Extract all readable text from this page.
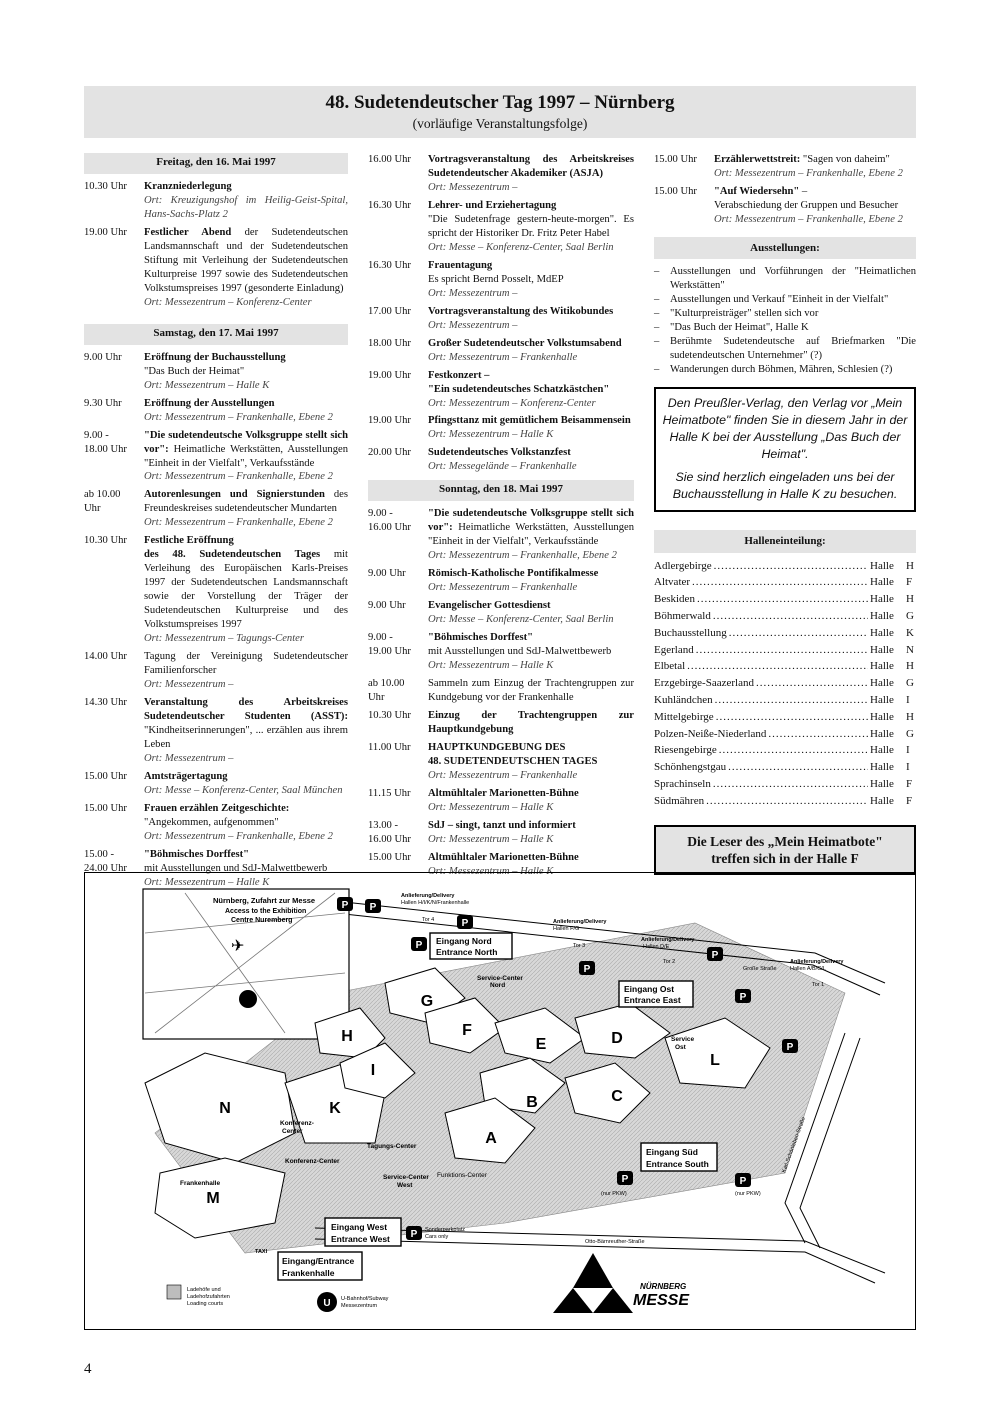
48. Sudetendeutscher Tag 1997 – Nürnberg
(vorläufige Veranstaltungsfolge)
Freitag, den 16. Mai 1997
10.30 Uhr	Kranzniederlegung
Ort: Kreuzigungshof im Heilig-Geist-Spital, Hans-Sachs-Platz 2
19.00 Uhr	Festlicher Abend der Sudetendeutschen Landsmannschaft und der Sudetendeutschen Stiftung mit Verleihung der Sudetendeutschen Kulturpreise 1997 sowie des Sudetendeutschen Volkstumspreises 1997 (gesonderte Einladung)
Ort: Messezentrum – Konferenz-Center
Samstag, den 17. Mai 1997
9.00 Uhr	Eröffnung der Buchausstellung
"Das Buch der Heimat"
Ort: Messezentrum – Halle K
9.30 Uhr	Eröffnung der Ausstellungen
Ort: Messezentrum – Frankenhalle, Ebene 2
9.00 -
18.00 Uhr
"Die sudetendeutsche Volksgruppe stellt sich vor": Heimatliche Werkstätten, Ausstellungen "Einheit in der Vielfalt", Verkaufsstände
Ort: Messezentrum – Frankenhalle, Ebene 2
ab 10.00
Uhr
Autorenlesungen und Signierstunden des Freundeskreises sudetendeutscher Mundarten
Ort: Messezentrum – Frankenhalle, Ebene 2
10.30 Uhr	Festliche Eröffnung
des 48. Sudetendeutschen Tages mit Verleihung des Europäischen Karls-Preises 1997 der Sudetendeutschen Landsmannschaft sowie der Vorstellung der Träger der Sudetendeutschen Kulturpreise und des Volkstumspreises 1997
Ort: Messezentrum – Tagungs-Center
14.00 Uhr	Tagung der Vereinigung Sudetendeutscher Familienforscher
Ort: Messezentrum –
14.30 Uhr	Veranstaltung des Arbeitskreises Sudetendeutscher Studenten (ASST): "Kindheitserinnerungen", ... erzählen aus ihrem Leben
Ort: Messezentrum –
15.00 Uhr	Amtsträgertagung
Ort: Messe – Konferenz-Center, Saal München
15.00 Uhr	Frauen erzählen Zeitgeschichte:
"Angekommen, aufgenommen"
Ort: Messezentrum – Frankenhalle, Ebene 2
15.00 -
24.00 Uhr
"Böhmisches Dorffest"
mit Ausstellungen und SdJ-Malwettbewerb
Ort: Messezentrum – Halle K
16.00 Uhr	Vortragsveranstaltung des Arbeitskreises Sudetendeutscher Akademiker (ASJA)
Ort: Messezentrum –
16.30 Uhr	Lehrer- und Erziehertagung
"Die Sudetenfrage gestern-heute-morgen". Es spricht der Historiker Dr. Fritz Peter Habel
Ort: Messe – Konferenz-Center, Saal Berlin
16.30 Uhr	Frauentagung
Es spricht Bernd Posselt, MdEP
Ort: Messezentrum –
17.00 Uhr	Vortragsveranstaltung des Witikobundes
Ort: Messezentrum –
18.00 Uhr	Großer Sudetendeutscher Volkstumsabend
Ort: Messezentrum – Frankenhalle
19.00 Uhr	Festkonzert –
"Ein sudetendeutsches Schatzkästchen"
Ort: Messezentrum – Konferenz-Center
19.00 Uhr	Pfingsttanz mit gemütlichem Beisammensein
Ort: Messezentrum – Halle K
20.00 Uhr	Sudetendeutsches Volkstanzfest
Ort: Messegelände – Frankenhalle
Sonntag, den 18. Mai 1997
9.00 -
16.00 Uhr
"Die sudetendeutsche Volksgruppe stellt sich vor": Heimatliche Werkstätten, Ausstellungen "Einheit in der Vielfalt", Verkaufsstände
Ort: Messezentrum – Frankenhalle, Ebene 2
9.00 Uhr	Römisch-Katholische Pontifikalmesse
Ort: Messezentrum – Frankenhalle
9.00 Uhr	Evangelischer Gottesdienst
Ort: Messe – Konferenz-Center, Saal Berlin
9.00 -
19.00 Uhr
"Böhmisches Dorffest"
mit Ausstellungen und SdJ-Malwettbewerb
Ort: Messezentrum – Halle K
ab 10.00
Uhr
Sammeln zum Einzug der Trachtengruppen zur Kundgebung vor der Frankenhalle
10.30 Uhr	Einzug der Trachtengruppen zur Hauptkundgebung
11.00 Uhr	HAUPTKUNDGEBUNG DES
48. SUDETENDEUTSCHEN TAGES
Ort: Messezentrum – Frankenhalle
11.15 Uhr	Altmühltaler Marionetten-Bühne
Ort: Messezentrum – Halle K
13.00 -
16.00 Uhr
SdJ – singt, tanzt und informiert
Ort: Messezentrum – Halle K
15.00 Uhr	Altmühltaler Marionetten-Bühne
Ort: Messezentrum – Halle K
15.00 Uhr	Erzählerwettstreit: "Sagen von daheim"
Ort: Messezentrum – Frankenhalle, Ebene 2
15.00 Uhr	"Auf Wiedersehn" –
Verabschiedung der Gruppen und Besucher
Ort: Messezentrum – Frankenhalle, Ebene 2
Ausstellungen:
–	Ausstellungen und Vorführungen der "Heimatlichen Werkstätten"
–	Ausstellungen und Verkauf "Einheit in der Vielfalt"
–	"Kulturpreisträger" stellen sich vor
–	"Das Buch der Heimat", Halle K
–	Berühmte Sudetendeutsche auf Briefmarken "Die sudetendeutschen Unternehmer" (?)
–	Wanderungen durch Böhmen, Mähren, Schlesien (?)

Den Preußler-Verlag, den Verlag vor „Mein Heimatbote" finden Sie in diesem Jahr in der Halle K bei der Ausstellung „Das Buch der Heimat".

Sie sind herzlich eingeladen uns bei der Buchausstellung in Halle K zu besuchen.

Halleneinteilung:
Adlergebirge .....	Halle	H
Altvater .....	Halle	F
Beskiden .....	Halle	H
Böhmerwald .....	Halle	G
Buchausstellung .....	Halle	K
Egerland .....	Halle	N
Elbetal .....	Halle	H
Erzgebirge-Saazerland .....	Halle	G
Kuhländchen .....	Halle	I
Mittelgebirge .....	Halle	H
Polzen-Neiße-Niederland .....	Halle	G
Riesengebirge .....	Halle	I
Schönhengstgau .....	Halle	I
Sprachinseln .....	Halle	F
Südmähren .....	Halle	F
Die Leser des „Mein Heimatbote"
treffen sich in der Halle F
Nürnberg, Zufahrt zur Messe
Access to the Exhibition
Centre Nuremberg
✈
N	K
M
H
I
G
F
E	D
B
A
C
L
Konferenz-
Center
Tagungs-Center
Konferenz-Center
Frankenhalle
Service-Center
Nord
Service
Ost
Service-Center
West
Funktions-Center
Anlieferung/Delivery
Hallen H/I/K/N/Frankenhalle
Anlieferung/Delivery
Hallen F/G
Anlieferung/Delivery
Hallen D/E
Anlieferung/Delivery
Hallen A/B/C/L
Tor 4
Tor 3
Tor 2
Tor 1
Große Straße
Eingang Nord
Entrance North
Eingang Ost
Entrance East
Eingang Süd
Entrance South
Eingang West
Entrance West
Eingang/Entrance
Frankenhalle
P P
P
P
P
P
P
P
P	P
P
U
(nur PKW)	(nur PKW)
Sonderparkplatz
Cars only
Otto-Bärnreuther-Straße
TAXI
U-Bahnhof/Subway
Messezentrum
Karl-Schönleben-Straße
Ladehöfe und
Ladehofzufahrten
Loading courts
NÜRNBERG
MESSE
4
